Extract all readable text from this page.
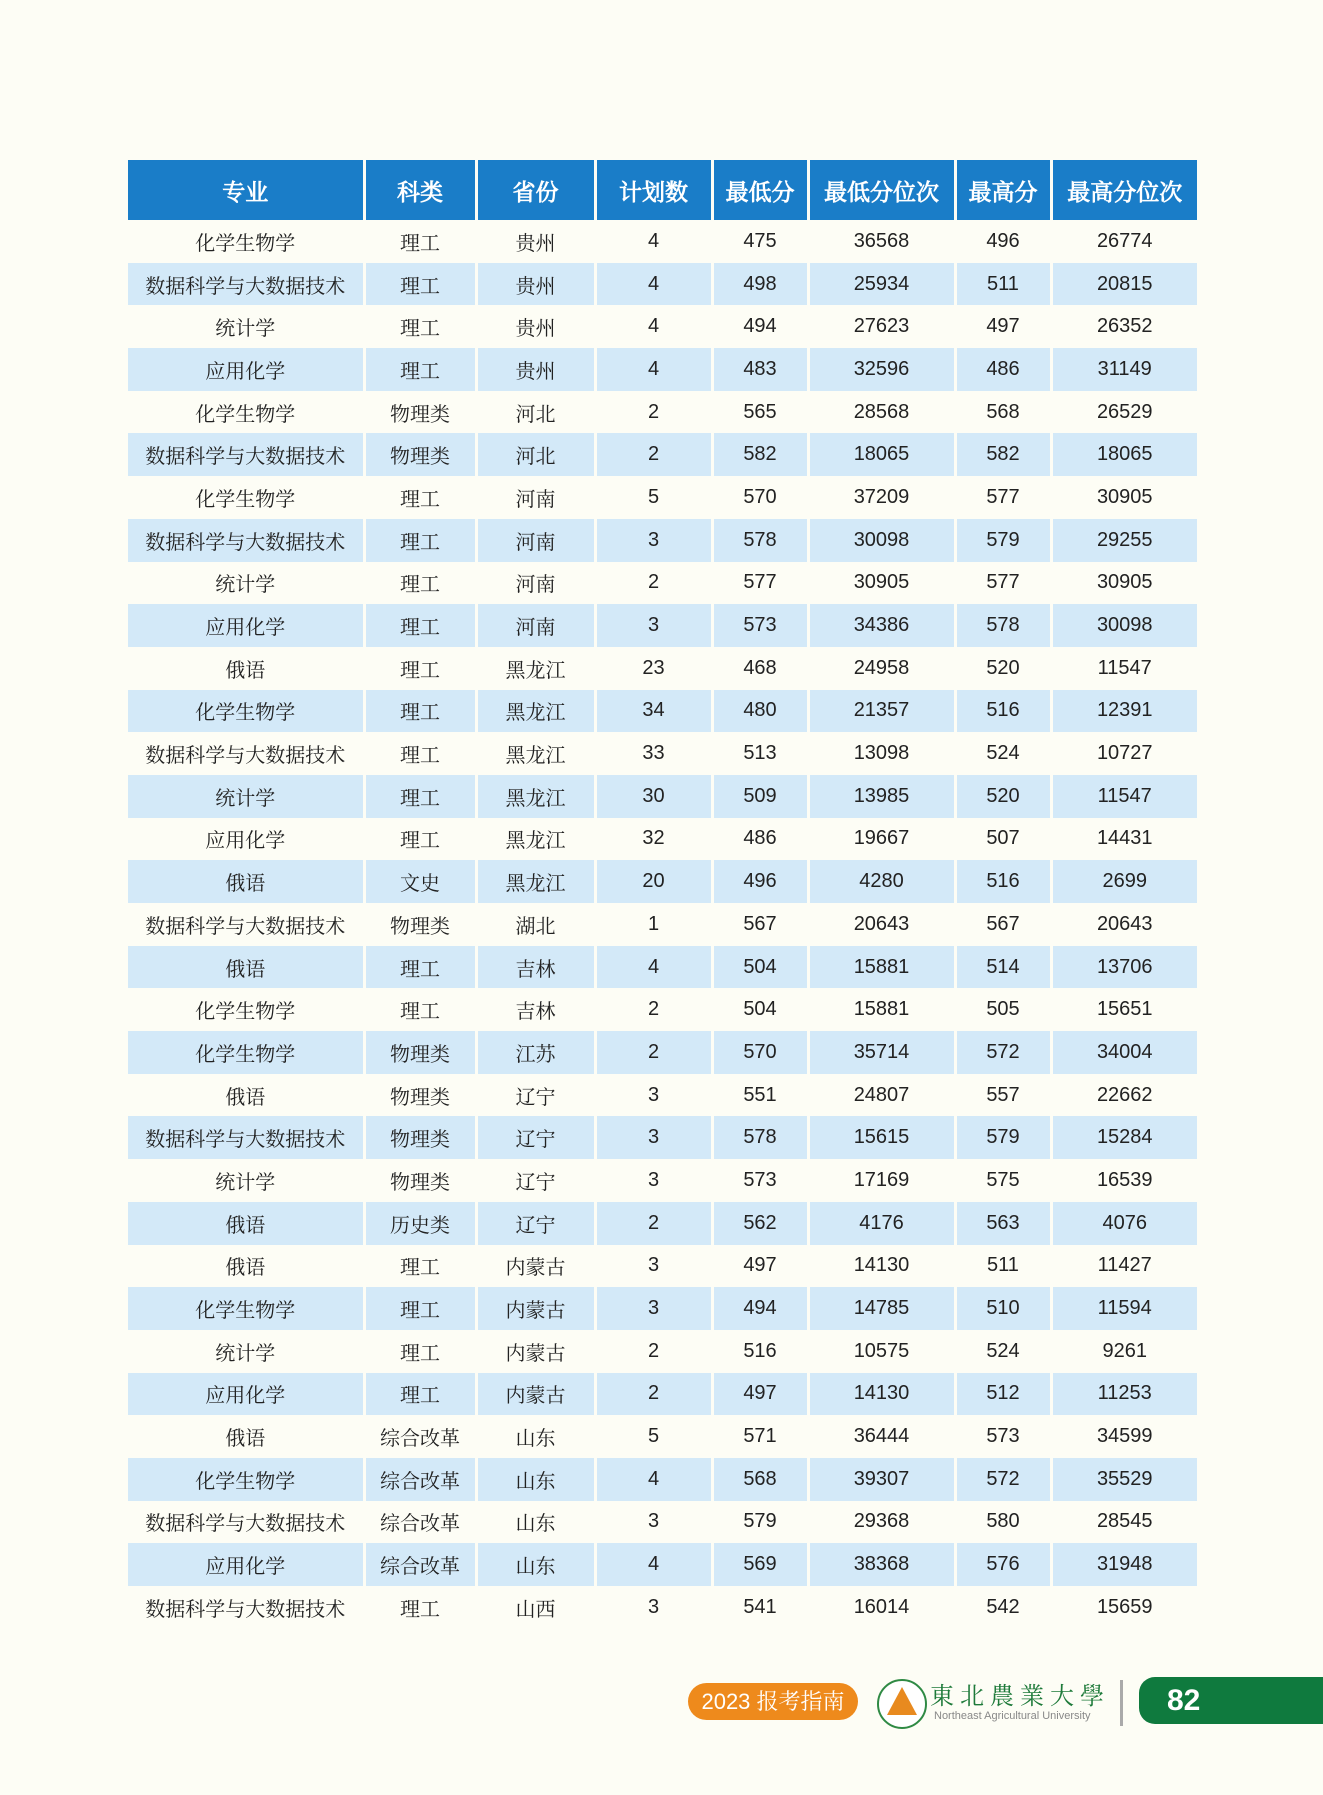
专业	科类	省份	计划数	最低分	最低分位次	最高分	最高分位次
化学生物学	理工	贵州	4	475	36568	496	26774
数据科学与大数据技术	理工	贵州	4	498	25934	511	20815
统计学	理工	贵州	4	494	27623	497	26352
应用化学	理工	贵州	4	483	32596	486	31149
化学生物学	物理类	河北	2	565	28568	568	26529
数据科学与大数据技术	物理类	河北	2	582	18065	582	18065
化学生物学	理工	河南	5	570	37209	577	30905
数据科学与大数据技术	理工	河南	3	578	30098	579	29255
统计学	理工	河南	2	577	30905	577	30905
应用化学	理工	河南	3	573	34386	578	30098
俄语	理工	黑龙江	23	468	24958	520	11547
化学生物学	理工	黑龙江	34	480	21357	516	12391
数据科学与大数据技术	理工	黑龙江	33	513	13098	524	10727
统计学	理工	黑龙江	30	509	13985	520	11547
应用化学	理工	黑龙江	32	486	19667	507	14431
俄语	文史	黑龙江	20	496	4280	516	2699
数据科学与大数据技术	物理类	湖北	1	567	20643	567	20643
俄语	理工	吉林	4	504	15881	514	13706
化学生物学	理工	吉林	2	504	15881	505	15651
化学生物学	物理类	江苏	2	570	35714	572	34004
俄语	物理类	辽宁	3	551	24807	557	22662
数据科学与大数据技术	物理类	辽宁	3	578	15615	579	15284
统计学	物理类	辽宁	3	573	17169	575	16539
俄语	历史类	辽宁	2	562	4176	563	4076
俄语	理工	内蒙古	3	497	14130	511	11427
化学生物学	理工	内蒙古	3	494	14785	510	11594
统计学	理工	内蒙古	2	516	10575	524	9261
应用化学	理工	内蒙古	2	497	14130	512	11253
俄语	综合改革	山东	5	571	36444	573	34599
化学生物学	综合改革	山东	4	568	39307	572	35529
数据科学与大数据技术	综合改革	山东	3	579	29368	580	28545
应用化学	综合改革	山东	4	569	38368	576	31948
数据科学与大数据技术	理工	山西	3	541	16014	542	15659
2023 报考指南	東北農業大學
Northeast Agricultural University	82
